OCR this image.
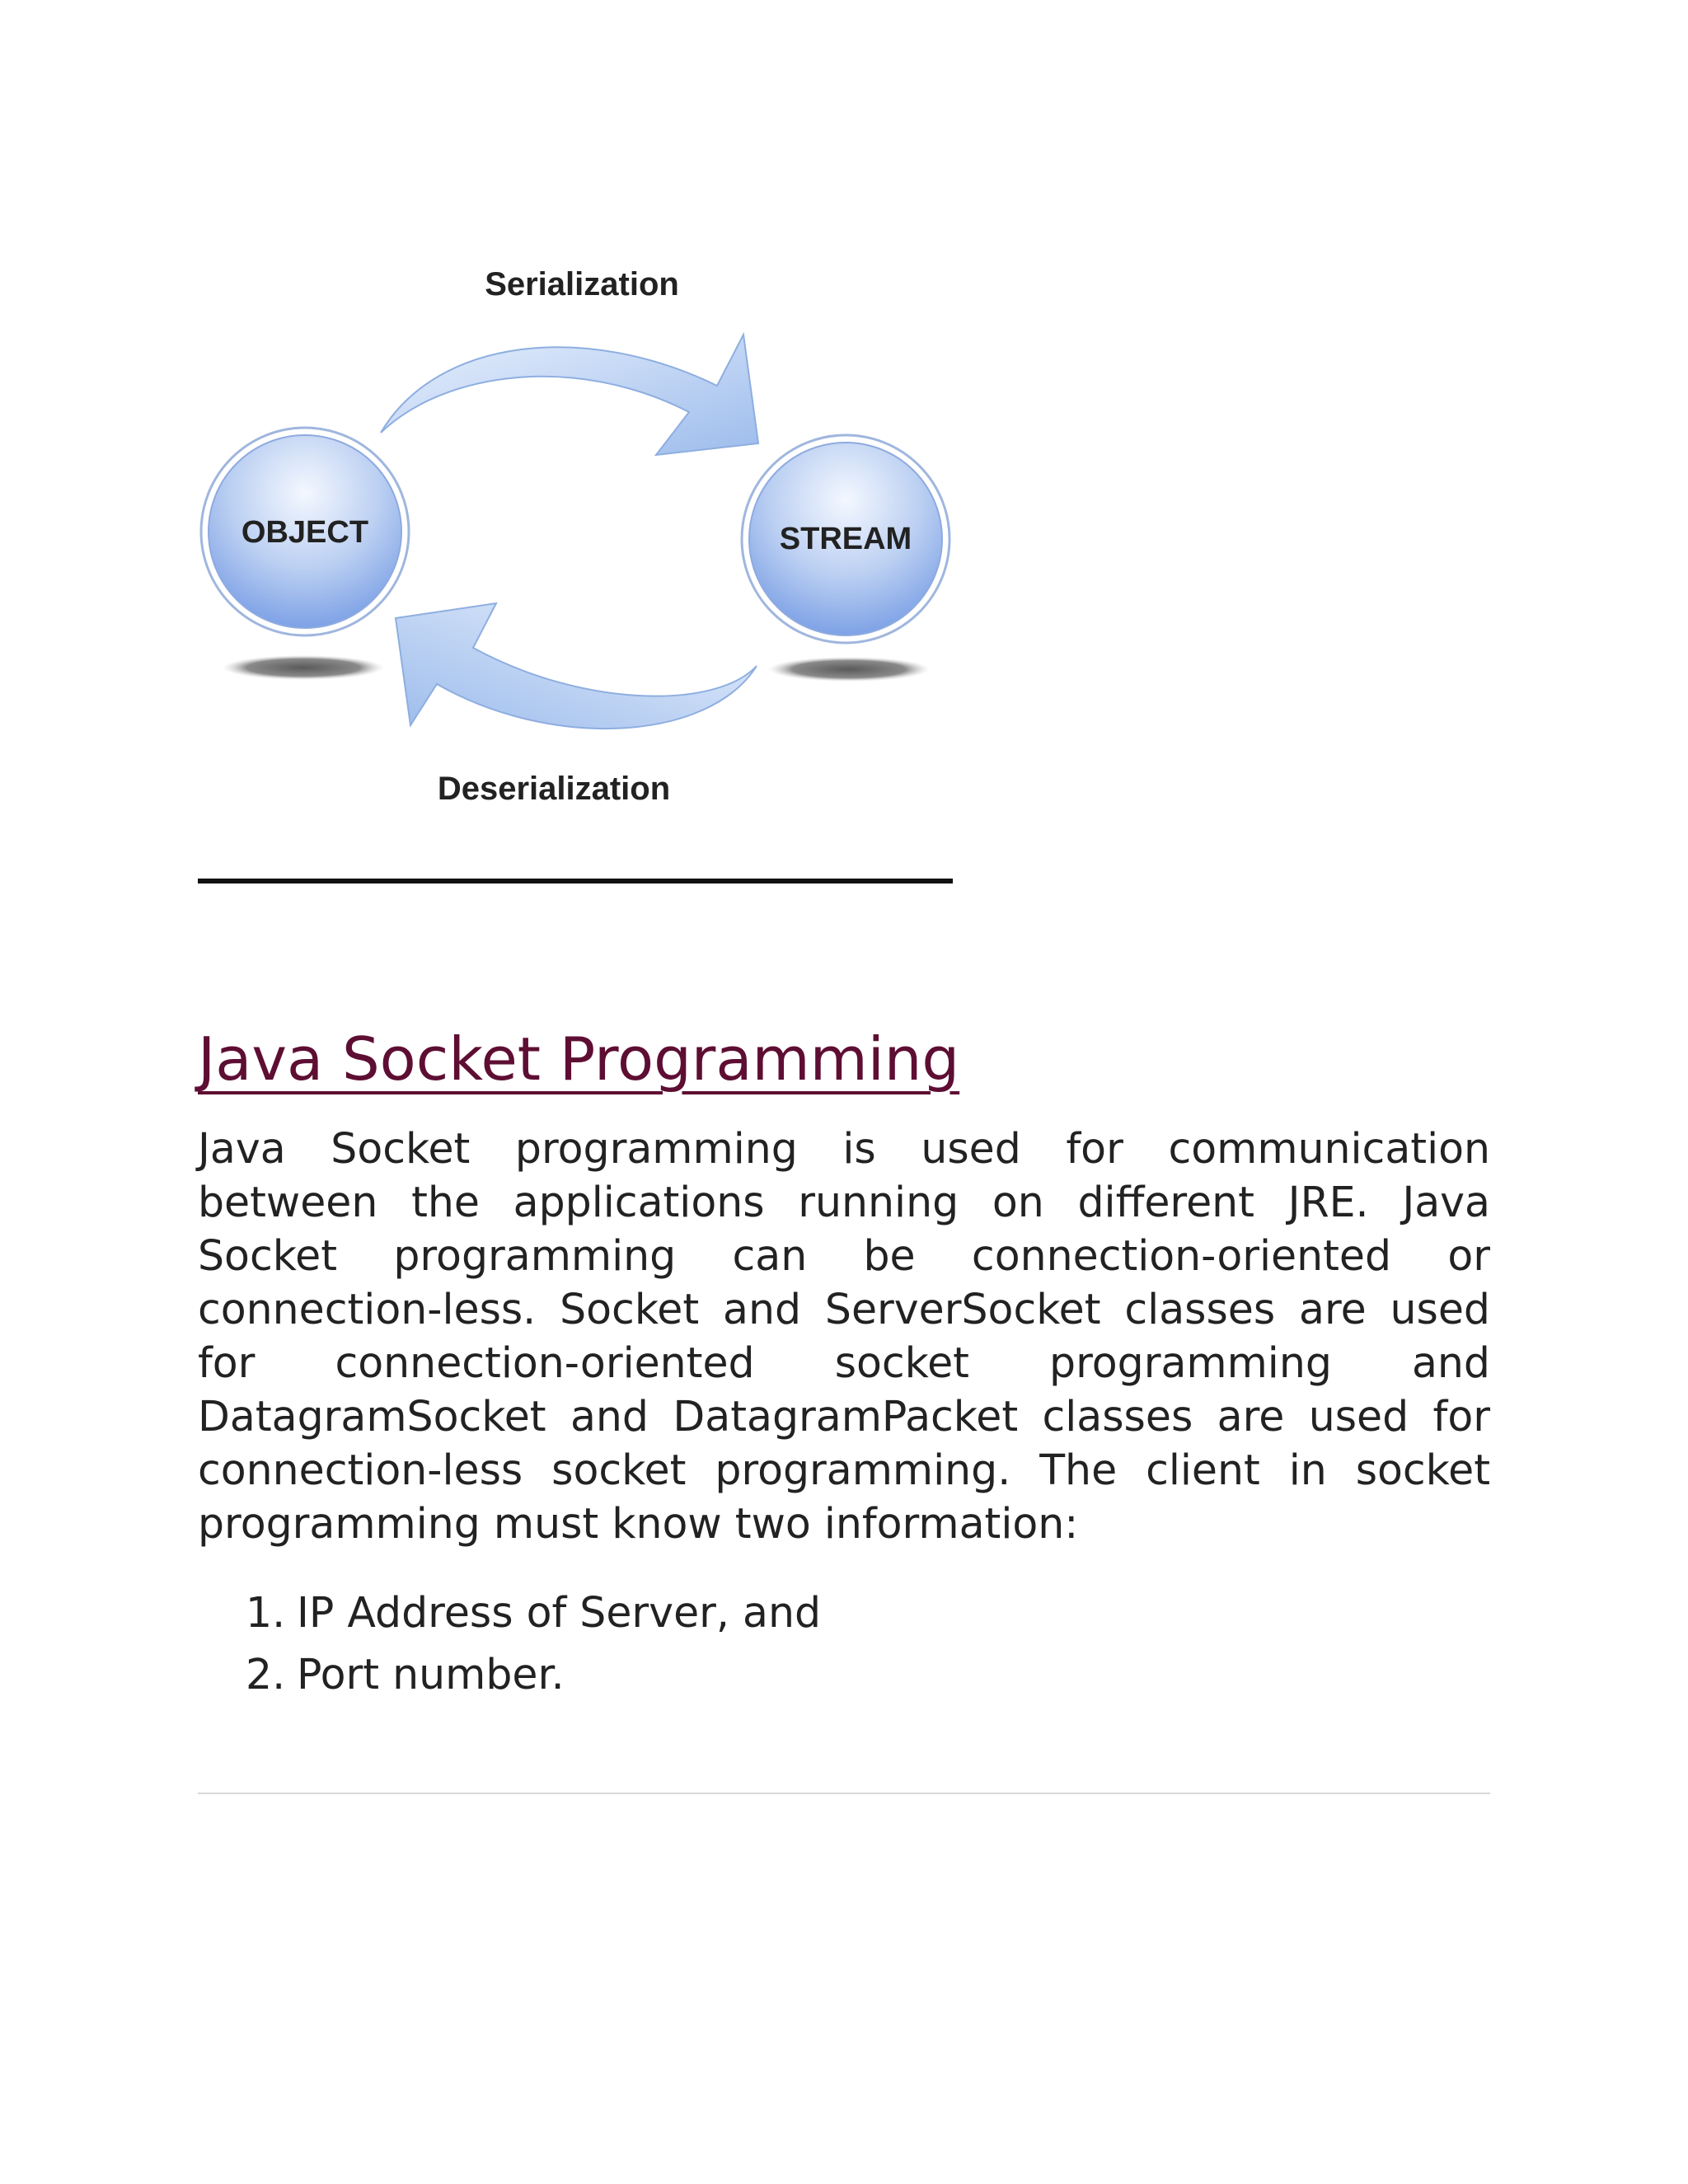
Serialization
OBJECT	STREAM
Deserialization
Java Socket Programming

Java Socket programming is used for communication between the applications running on different JRE. Java Socket programming can be connection-oriented or connection-less. Socket and ServerSocket classes are used for connection-oriented socket programming and DatagramSocket and DatagramPacket classes are used for connection-less socket programming. The client in socket programming must know two information:

IP Address of Server, and
Port number.
